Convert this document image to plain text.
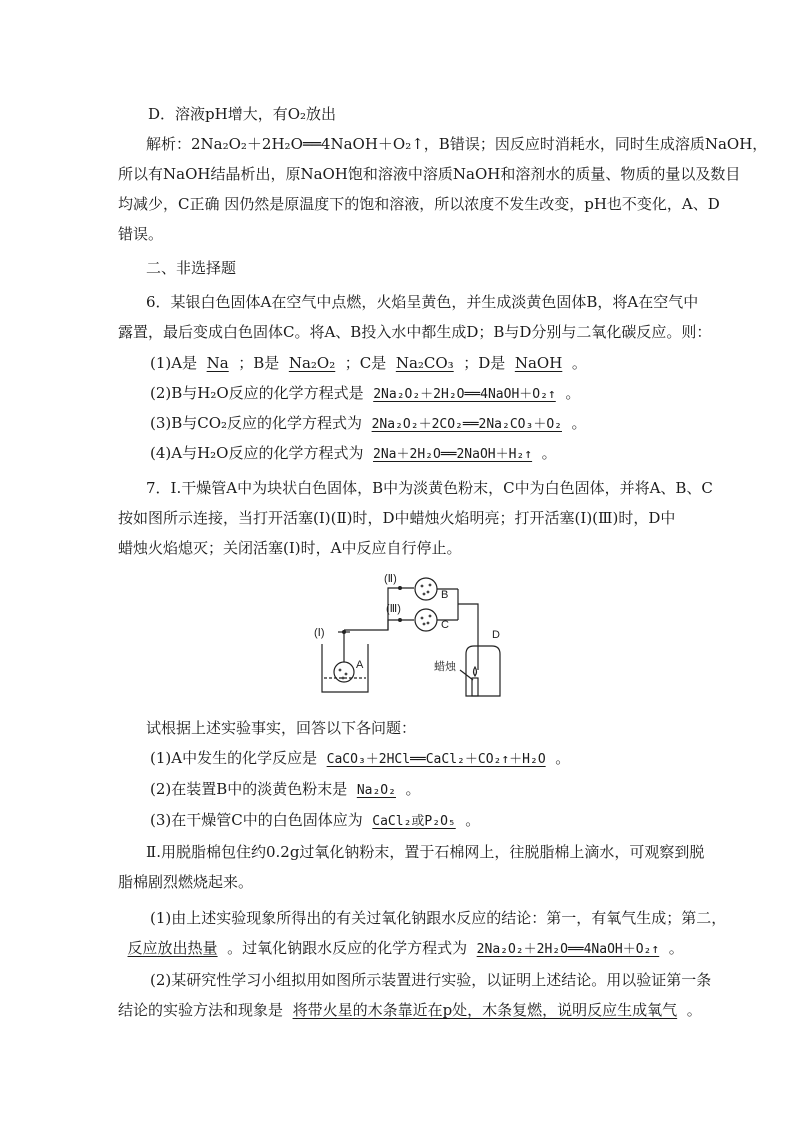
D．溶液pH增大，有O₂放出
解析：2Na₂O₂＋2H₂O══4NaOH＋O₂↑，B错误；因反应时消耗水，同时生成溶质NaOH，
所以有NaOH结晶析出，原NaOH饱和溶液中溶质NaOH和溶剂水的质量、物质的量以及数目
均减少，C正确 因仍然是原温度下的饱和溶液，所以浓度不发生改变，pH也不变化，A、D
错误。
二、非选择题
6．某银白色固体A在空气中点燃，火焰呈黄色，并生成淡黄色固体B，将A在空气中
露置，最后变成白色固体C。将A、B投入水中都生成D；B与D分别与二氧化碳反应。则：
(1)A是 Na ；B是 Na₂O₂ ；C是 Na₂CO₃ ；D是 NaOH 。
(2)B与H₂O反应的化学方程式是 2Na₂O₂＋2H₂O══4NaOH＋O₂↑ 。
(3)B与CO₂反应的化学方程式为 2Na₂O₂＋2CO₂══2Na₂CO₃＋O₂ 。
(4)A与H₂O反应的化学方程式为 2Na＋2H₂O══2NaOH＋H₂↑ 。
7．Ⅰ.干燥管A中为块状白色固体，B中为淡黄色粉末，C中为白色固体，并将A、B、C
按如图所示连接，当打开活塞(Ⅰ)(Ⅱ)时，D中蜡烛火焰明亮；打开活塞(Ⅰ)(Ⅲ)时，D中
蜡烛火焰熄灭；关闭活塞(Ⅰ)时，A中反应自行停止。
(Ⅰ)
(Ⅱ)
(Ⅲ)
A
B
C
D
蜡烛
试根据上述实验事实，回答以下各问题：
(1)A中发生的化学反应是 CaCO₃＋2HCl══CaCl₂＋CO₂↑＋H₂O 。
(2)在装置B中的淡黄色粉末是 Na₂O₂ 。
(3)在干燥管C中的白色固体应为 CaCl₂或P₂O₅ 。
Ⅱ.用脱脂棉包住约0.2g过氧化钠粉末，置于石棉网上，往脱脂棉上滴水，可观察到脱
脂棉剧烈燃烧起来。
(1)由上述实验现象所得出的有关过氧化钠跟水反应的结论：第一，有氧气生成；第二，
反应放出热量 。过氧化钠跟水反应的化学方程式为 2Na₂O₂＋2H₂O══4NaOH＋O₂↑ 。
(2)某研究性学习小组拟用如图所示装置进行实验，以证明上述结论。用以验证第一条
结论的实验方法和现象是 将带火星的木条靠近在p处，木条复燃，说明反应生成氧气 。
